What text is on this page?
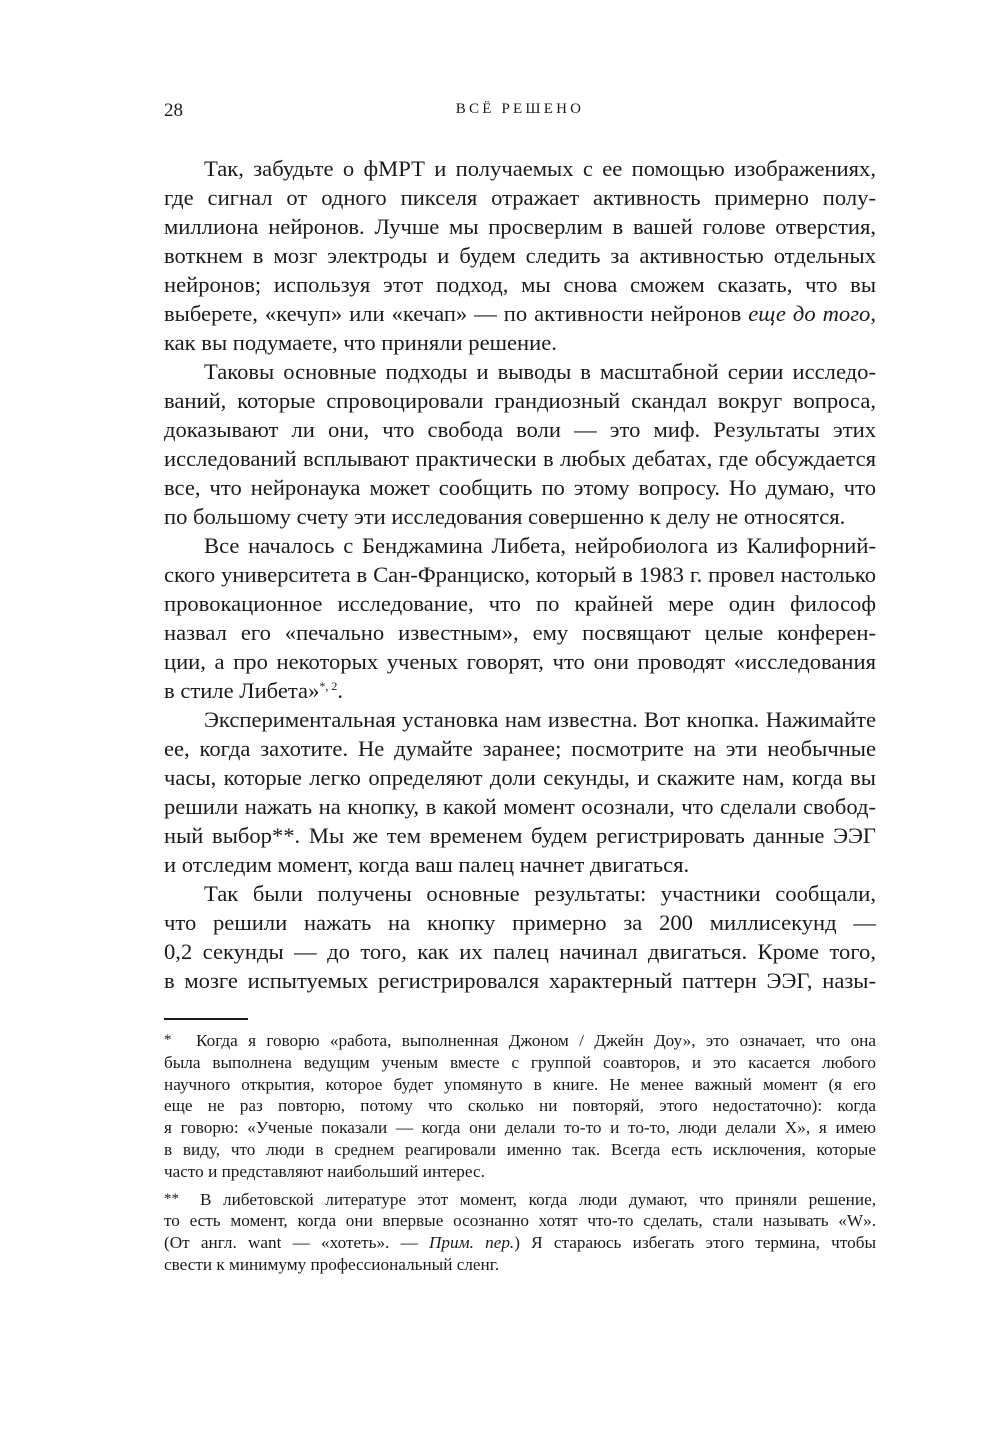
28	ВСЁ РЕШЕНО

Так, забудьте о фМРТ и получаемых с ее помощью изображениях,
где сигнал от одного пикселя отражает активность примерно полу-
миллиона нейронов. Лучше мы просверлим в вашей голове отверстия,
воткнем в мозг электроды и будем следить за активностью отдельных
нейронов; используя этот подход, мы снова сможем сказать, что вы
выберете, «кечуп» или «кечап» — по активности нейронов еще до того,
как вы подумаете, что приняли решение.

Таковы основные подходы и выводы в масштабной серии исследо-
ваний, которые спровоцировали грандиозный скандал вокруг вопроса,
доказывают ли они, что свобода воли — это миф. Результаты этих
исследований всплывают практически в любых дебатах, где обсуждается
все, что нейронаука может сообщить по этому вопросу. Но думаю, что
по большому счету эти исследования совершенно к делу не относятся.

Все началось с Бенджамина Либета, нейробиолога из Калифорний-
ского университета в Сан-Франциско, который в 1983 г. провел настолько
провокационное исследование, что по крайней мере один философ
назвал его «печально известным», ему посвящают целые конферен-
ции, а про некоторых ученых говорят, что они проводят «исследования
в стиле Либета»$^{*, 2}$.

Экспериментальная установка нам известна. Вот кнопка. Нажимайте
ее, когда захотите. Не думайте заранее; посмотрите на эти необычные
часы, которые легко определяют доли секунды, и скажите нам, когда вы
решили нажать на кнопку, в какой момент осознали, что сделали свобод-
ный выбор**. Мы же тем временем будем регистрировать данные ЭЭГ
и отследим момент, когда ваш палец начнет двигаться.

Так были получены основные результаты: участники сообщали,
что решили нажать на кнопку примерно за 200 миллисекунд —
0,2 секунды — до того, как их палец начинал двигаться. Кроме того,
в мозге испытуемых регистрировался характерный паттерн ЭЭГ, назы-

* Когда я говорю «работа, выполненная Джоном / Джейн Доу», это означает, что она
была выполнена ведущим ученым вместе с группой соавторов, и это касается любого
научного открытия, которое будет упомянуто в книге. Не менее важный момент (я его
еще не раз повторю, потому что сколько ни повторяй, этого недостаточно): когда
я говорю: «Ученые показали — когда они делали то-то и то-то, люди делали X», я имею
в виду, что люди в среднем реагировали именно так. Всегда есть исключения, которые
часто и представляют наибольший интерес.
** В либетовской литературе этот момент, когда люди думают, что приняли решение,
то есть момент, когда они впервые осознанно хотят что-то сделать, стали называть «W».
(От англ. want — «хотеть». — Прим. пер.) Я стараюсь избегать этого термина, чтобы
свести к минимуму профессиональный сленг.
